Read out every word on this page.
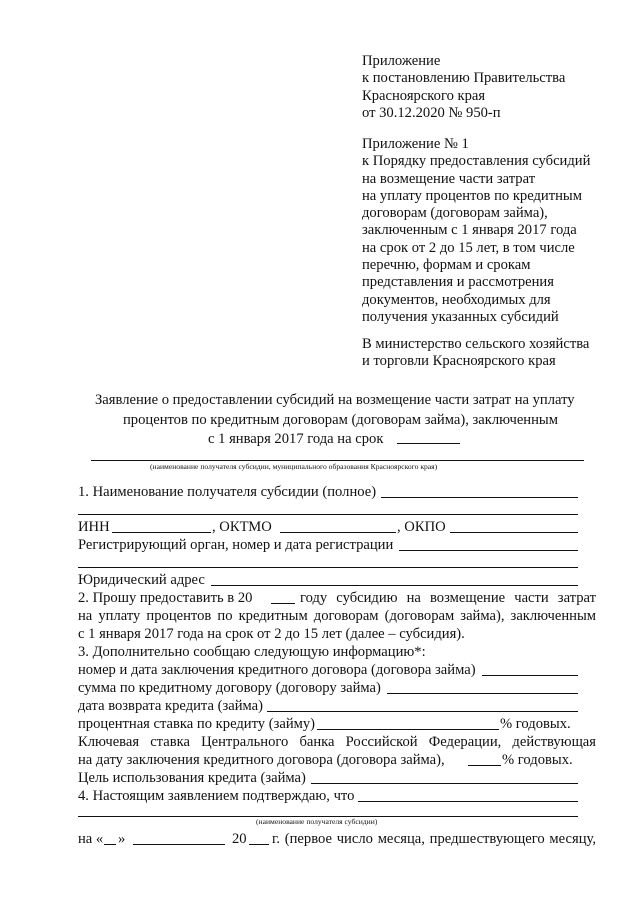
Приложение

к постановлению Правительства

Красноярского края

от 30.12.2020 № 950-п

Приложение № 1

к Порядку предоставления субсидий

на возмещение части затрат

на уплату процентов по кредитным

договорам (договорам займа),

заключенным с 1 января 2017 года

на срок от 2 до 15 лет, в том числе

перечню, формам и срокам

представления и рассмотрения

документов, необходимых для

получения указанных субсидий

В министерство сельского хозяйства

и торговли Красноярского края

Заявление о предоставлении субсидий на возмещение части затрат на уплату
процентов по кредитным договорам (договорам займа), заключенным
с 1 января 2017 года на срок
(наименование получателя субсидии, муниципального образования Красноярского края)
1. Наименование получателя субсидии (полное)
ИНН	, ОКТМО	, ОКПО
Регистрирующий орган, номер и дата регистрации
Юридический адрес
2. Прошу предоставить в 20	году субсидию на возмещение части затрат
на уплату процентов по кредитным договорам (договорам займа), заключенным
с 1 января 2017 года на срок от 2 до 15 лет (далее – субсидия).
3. Дополнительно сообщаю следующую информацию*:
номер и дата заключения кредитного договора (договора займа)
сумма по кредитному договору (договору займа)
дата возврата кредита (займа)
процентная ставка по кредиту (займу)	% годовых.
Ключевая ставка Центрального банка Российской Федерации, действующая
на дату заключения кредитного договора (договора займа),	% годовых.
Цель использования кредита (займа)
4. Настоящим заявлением подтверждаю, что
(наименование получателя субсидии)
на « »	20 г. (первое число месяца, предшествующего месяцу,
